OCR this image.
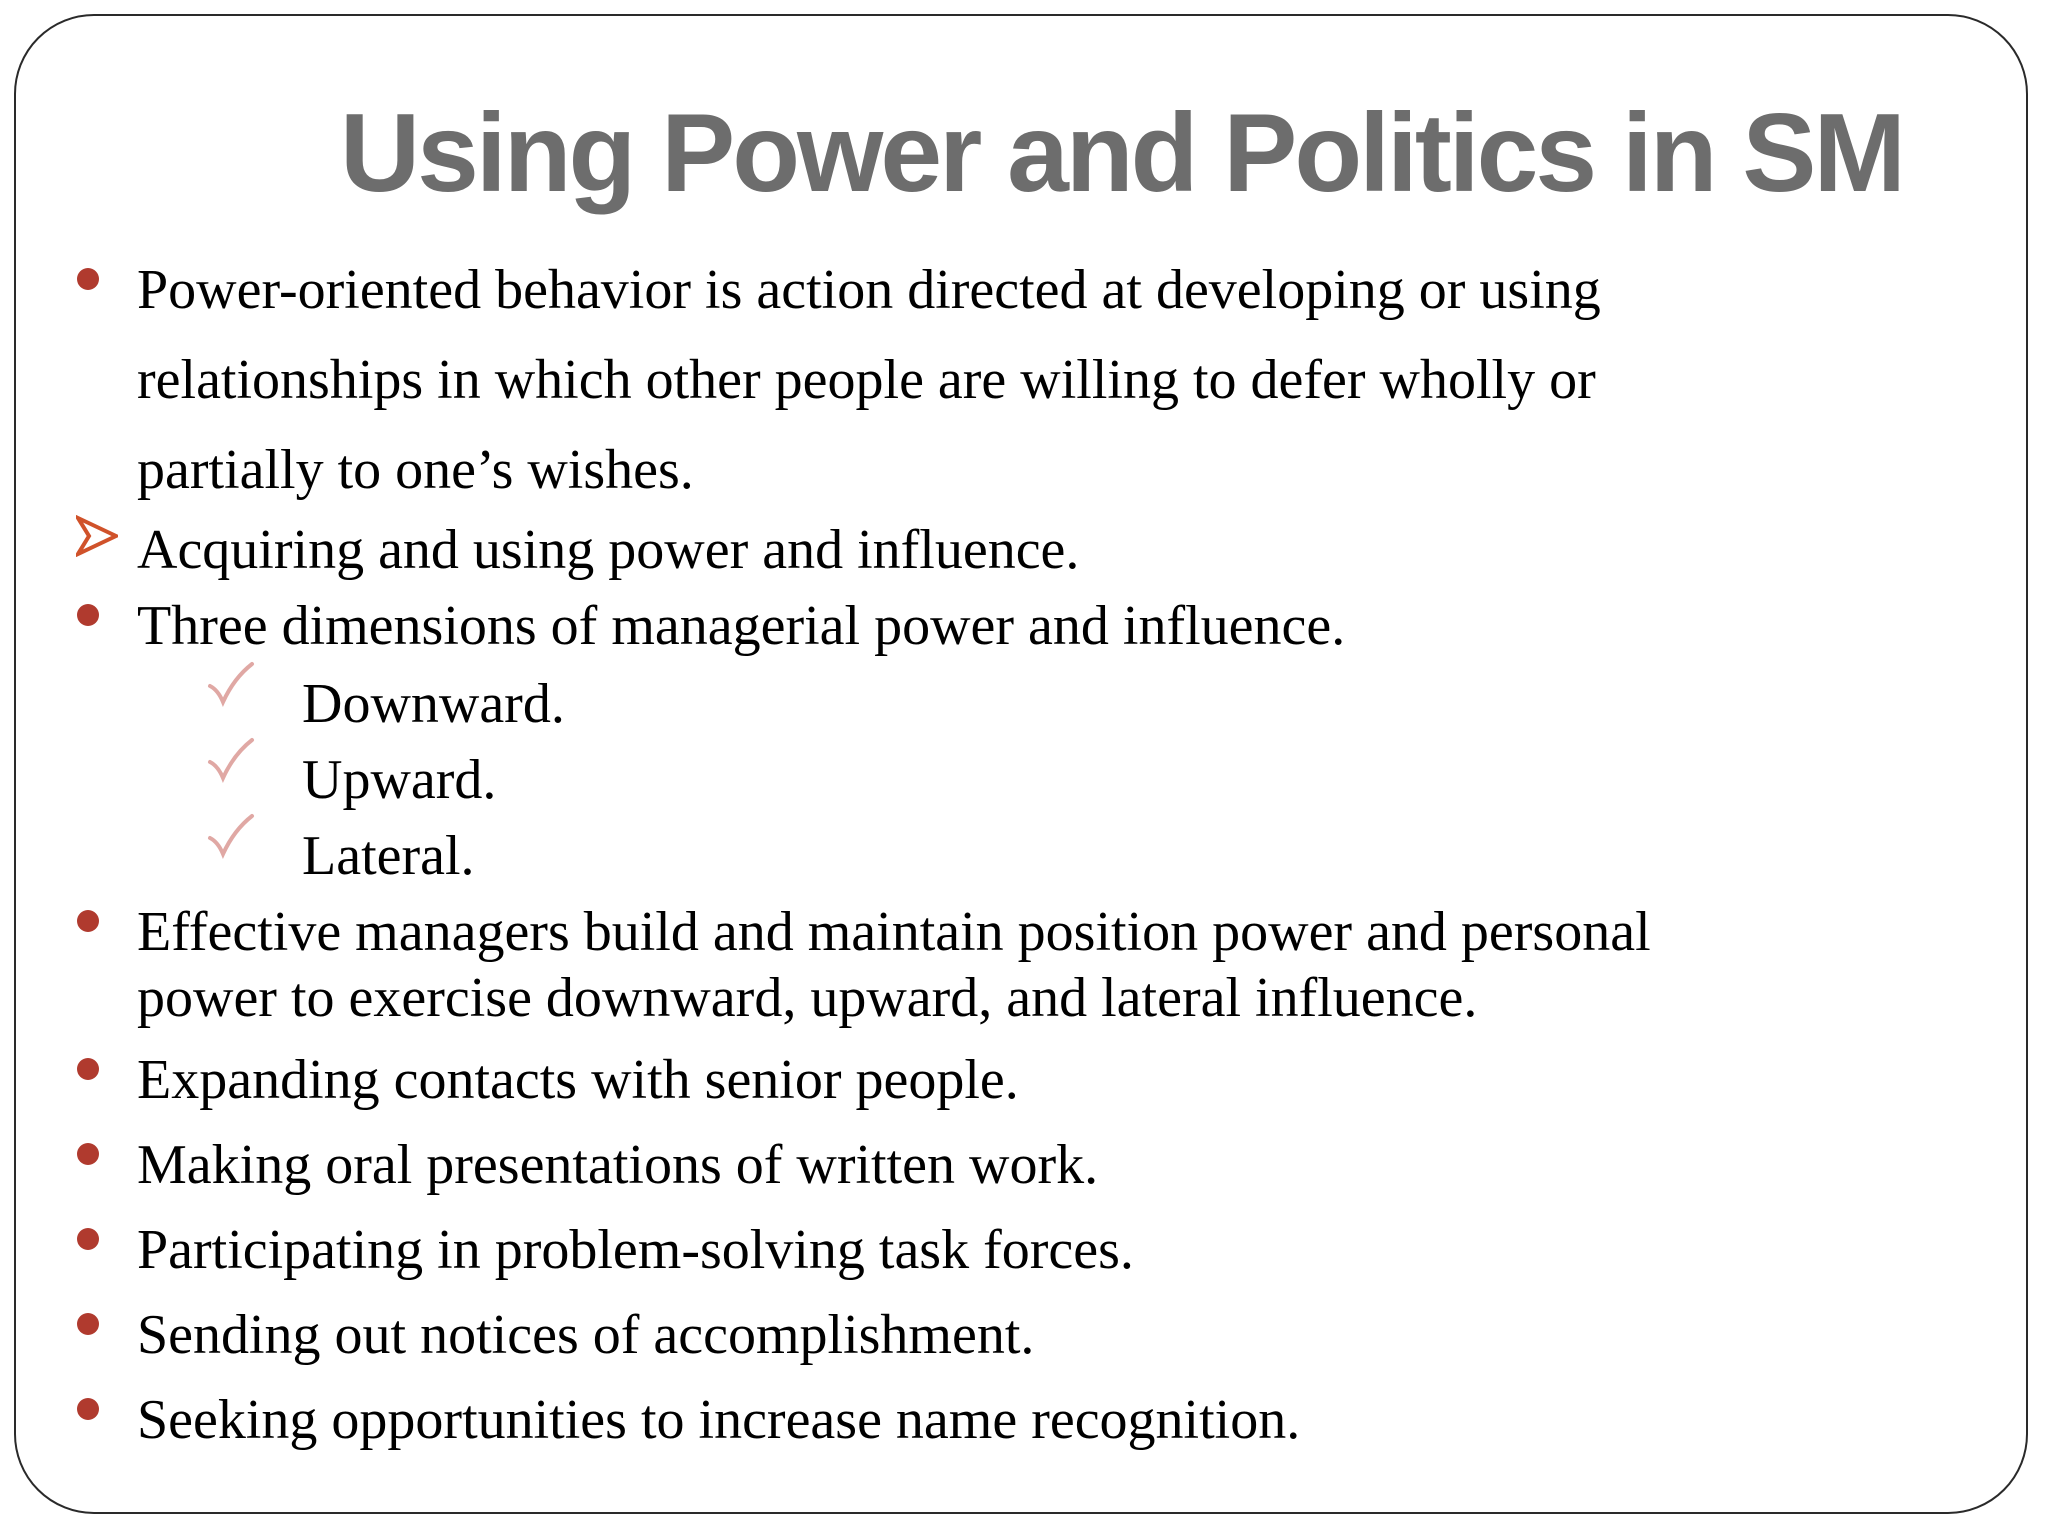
Using Power and Politics in SM
Power-oriented behavior is action directed at developing or using
relationships in which other people are willing to defer wholly or
partially to one’s wishes.
Acquiring and using power and influence.
Three dimensions of managerial power and influence.
Downward.
Upward.
Lateral.
Effective managers build and maintain position power and personal
power to exercise downward, upward, and lateral influence.
Expanding contacts with senior people.
Making oral presentations of written work.
Participating in problem-solving task forces.
Sending out notices of accomplishment.
Seeking opportunities to increase name recognition.
